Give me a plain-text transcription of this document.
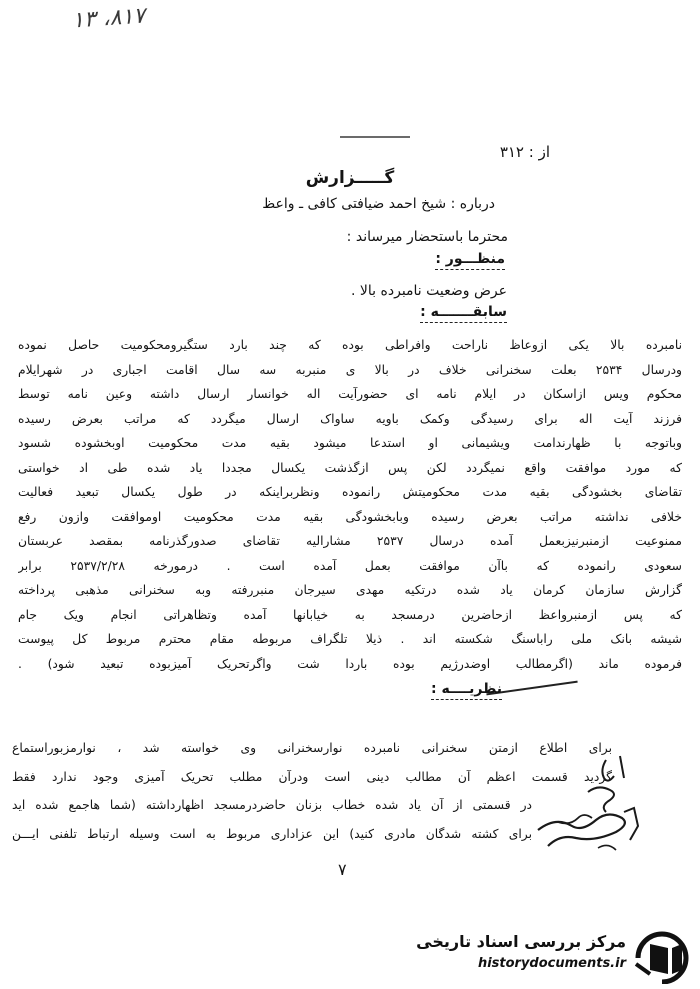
۱۳ ،۸۱۷
از : ۳۱۲
گـــــزارش
درباره : شیخ احمد ضیافتی کافی ـ واعظ
محترما باستحضار میرساند :
منظـــور :
عرض وضعیت نامبرده بالا .
سابقـــــــه :
نامبرده بالا یکی ازوعاظ ناراحت وافراطی بوده که چند بارد ستگیرومحکومیت حاصل نموده
ودرسال ۲۵۳۴ بعلت سخنرانی خلاف در بالا ی منبربه سه سال اقامت اجباری در شهرایلام
محکوم ویس ازاسکان در ایلام نامه ای حضورآیت اله خوانسار ارسال داشته وعین نامه توسط
فرزند آیت اله برای رسیدگی وکمک باویه ساواک ارسال میگردد که مراتب بعرض رسیده
وباتوجه با ظهارندامت ویشیمانی او استدعا میشود بقیه مدت محکومیت اوبخشوده شسود
که مورد موافقت واقع نمیگردد لکن پس ازگذشت یکسال مجددا یاد شده طی اد خواستی
تقاضای بخشودگی بقیه مدت محکومیتش رانموده ونظربراینکه در طول یکسال تبعید فعالیت
خلافی نداشته مراتب بعرض رسیده وبابخشودگی بقیه مدت محکومیت اوموافقت وازون رفع
ممنوعیت ازمنبرنیزبعمل آمده درسال ۲۵۳۷ مشارالیه تقاضای صدورگذرنامه بمقصد عربستان
سعودی رانموده که باآن موافقت بعمل آمده است . درمورخه ۲۵۳۷/۲/۲۸ برابر
گزارش سازمان کرمان یاد شده درتکیه مهدی سیرجان منبررفته وبه سخنرانی مذهبی پرداخته
که پس ازمنبرواعظ ازحاضرین درمسجد به خیابانها آمده وتظاهراتی انجام ویک جام
شیشه بانک ملی راباسنگ شکسته اند . ذیلا تلگراف مربوطه مقام محترم مربوط کل پیوست
فرموده ماند (اگرمطالب اوضدرژیم بوده باردا شت واگرتحریک آمیزبوده تبعید شود) .
نظریــــه :
برای اطلاع ازمتن سخنرانی نامبرده نوارسخنرانی وی خواسته شد ، نوارمزبوراستماع
گردید قسمت اعظم آن مطالب دینی است ودرآن مطلب تحریک آمیزی وجود ندارد فقط
در قسمتی از آن یاد شده خطاب بزنان حاضردرمسجد اظهارداشته (شما هاجمع شده اید
برای کشته شدگان مادری کنید) این عزاداری مربوط به است وسیله ارتباط تلفنی ایـــن
۷
مرکز بررسی اسناد تاریخی
historydocuments.ir
